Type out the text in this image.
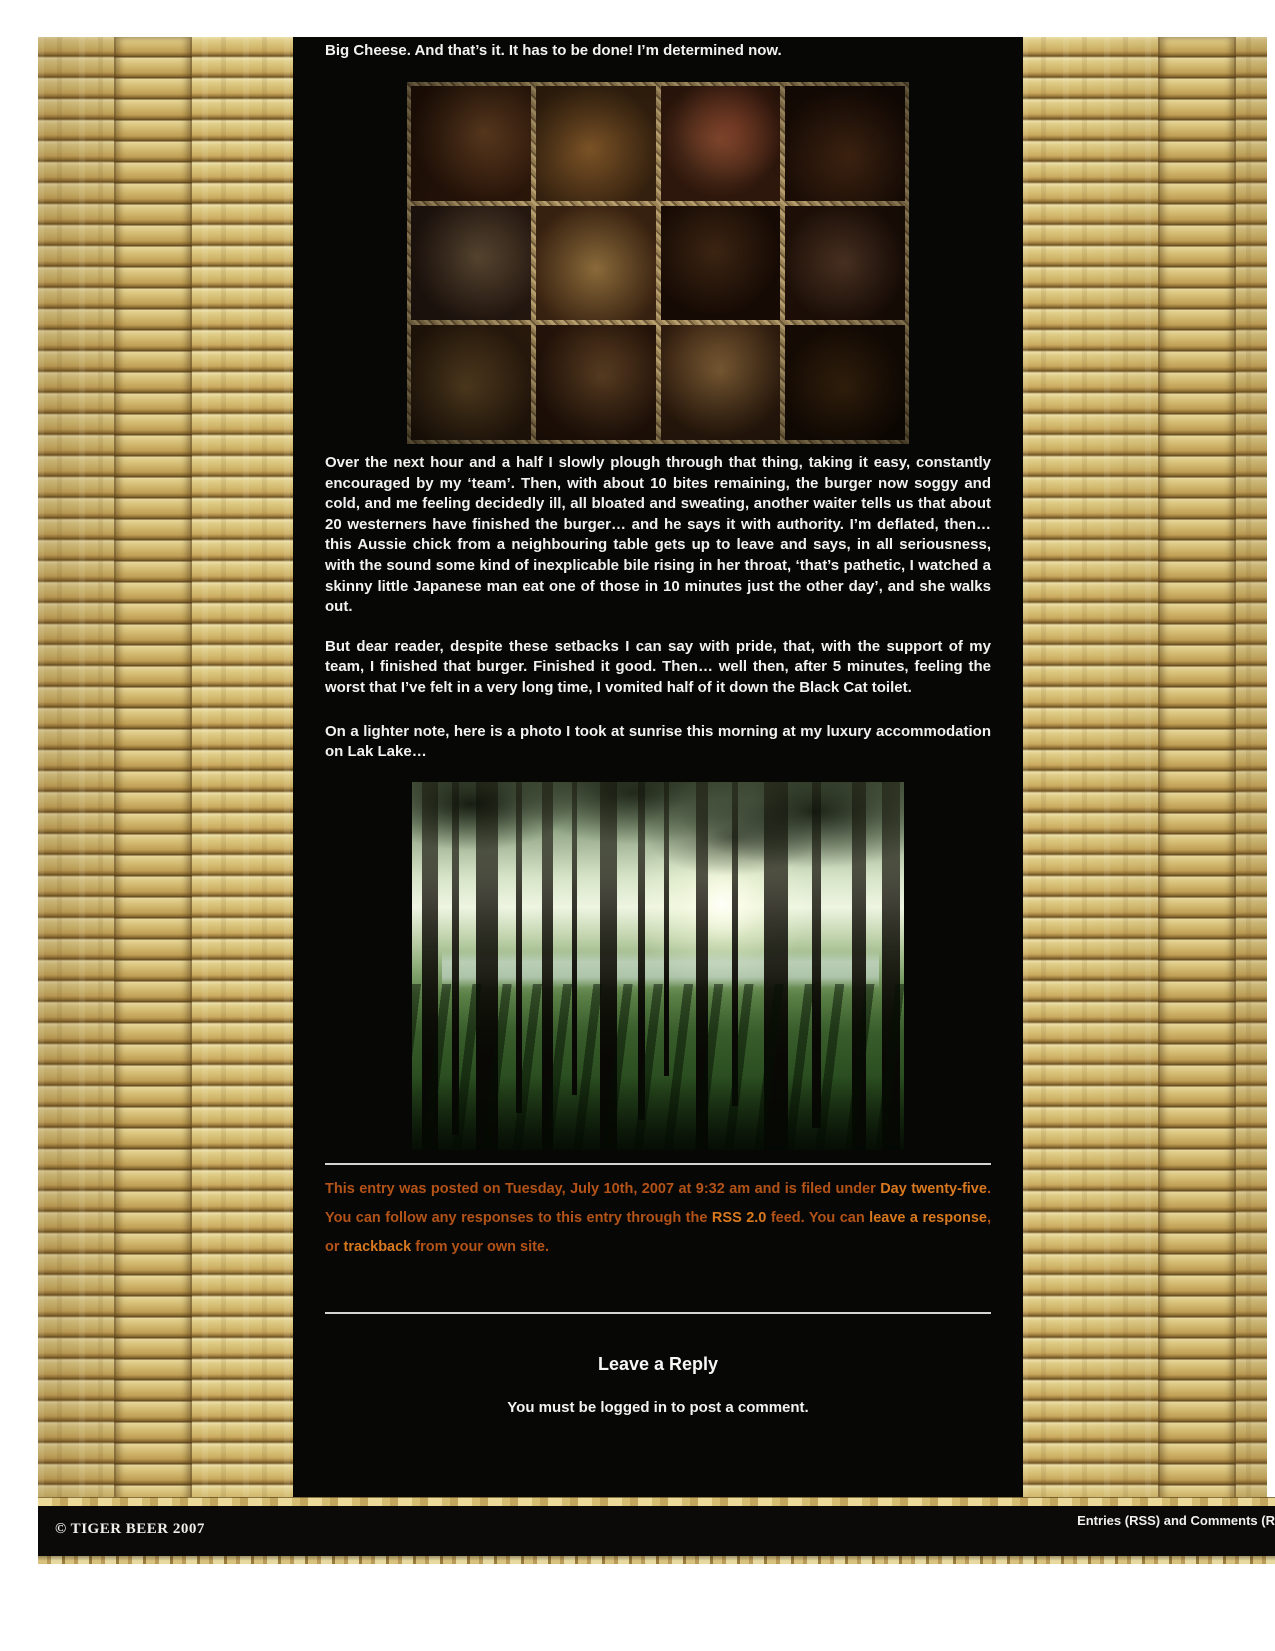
Big Cheese. And that’s it. It has to be done! I’m determined now.

Over the next hour and a half I slowly plough through that thing, taking it easy, constantly encouraged by my ‘team’. Then, with about 10 bites remaining, the burger now soggy and cold, and me feeling decidedly ill, all bloated and sweating, another waiter tells us that about 20 westerners have finished the burger… and he says it with authority. I’m deflated, then… this Aussie chick from a neighbouring table gets up to leave and says, in all seriousness, with the sound some kind of inexplicable bile rising in her throat, ‘that’s pathetic, I watched a skinny little Japanese man eat one of those in 10 minutes just the other day’, and she walks out.

But dear reader, despite these setbacks I can say with pride, that, with the support of my team, I finished that burger. Finished it good. Then… well then, after 5 minutes, feeling the worst that I’ve felt in a very long time, I vomited half of it down the Black Cat toilet.

On a lighter note, here is a photo I took at sunrise this morning at my luxury accommodation on Lak Lake…

This entry was posted on Tuesday, July 10th, 2007 at 9:32 am and is filed under Day twenty-five. You can follow any responses to this entry through the RSS 2.0 feed. You can leave a response, or trackback from your own site.

Leave a Reply

You must be logged in to post a comment.

© TIGER BEER 2007
Entries (RSS) and Comments (R
